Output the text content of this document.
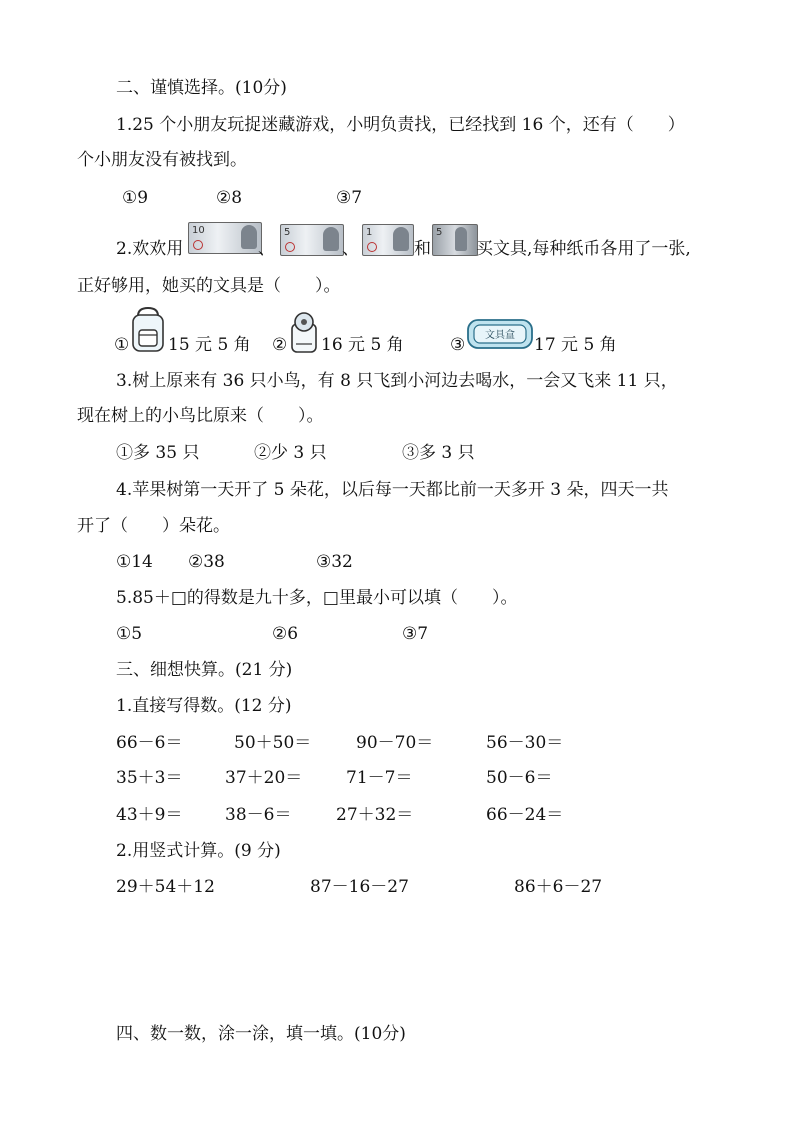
二、谨慎选择。(10分)
1.25 个小朋友玩捉迷藏游戏，小明负责找，已经找到 16 个，还有（　　）
个小朋友没有被找到。
①9	②8	③7
2.欢欢用
10
、
5
、
1
和
5
买文具,每种纸币各用了一张,
正好够用，她买的文具是（　　）。
① 15 元 5 角 ② 16 元 5 角	③ 文具盒 17 元 5 角
3.树上原来有 36 只小鸟，有 8 只飞到小河边去喝水，一会又飞来 11 只，
现在树上的小鸟比原来（　　）。
①多 35 只	②少 3 只	③多 3 只
4.苹果树第一天开了 5 朵花，以后每一天都比前一天多开 3 朵，四天一共
开了（　　）朵花。
①14 ②38	③32
5.85＋□的得数是九十多，□里最小可以填（　　）。
①5	②6	③7
三、细想快算。(21 分)
1.直接写得数。(12 分)
66－6＝	50＋50＝	90－70＝	56－30＝
35＋3＝	37＋20＝	71－7＝	50－6＝
43＋9＝	38－6＝	27＋32＝	66－24＝
2.用竖式计算。(9 分)
29＋54＋12	87－16－27	86＋6－27
四、数一数，涂一涂，填一填。(10分)
